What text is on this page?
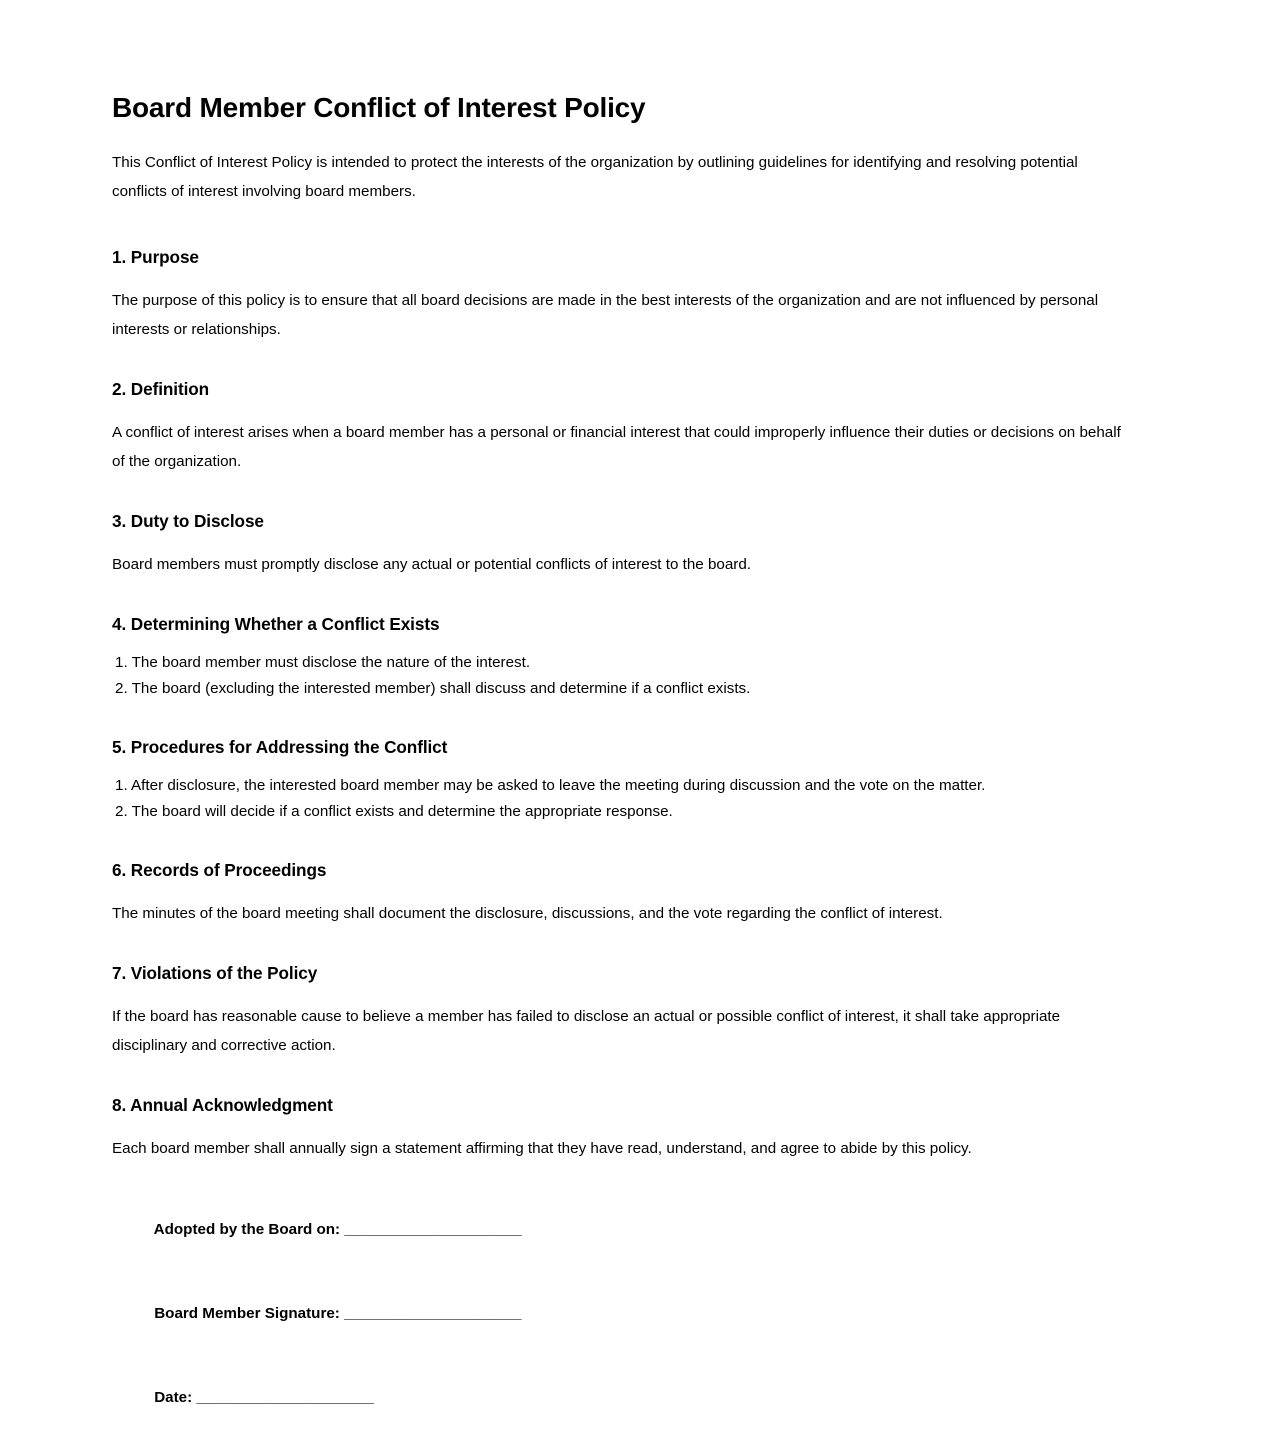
Board Member Conflict of Interest Policy

This Conflict of Interest Policy is intended to protect the interests of the organization by outlining guidelines for identifying and resolving potential conflicts of interest involving board members.

1. Purpose

The purpose of this policy is to ensure that all board decisions are made in the best interests of the organization and are not influenced by personal interests or relationships.

2. Definition

A conflict of interest arises when a board member has a personal or financial interest that could improperly influence their duties or decisions on behalf of the organization.

3. Duty to Disclose

Board members must promptly disclose any actual or potential conflicts of interest to the board.

4. Determining Whether a Conflict Exists
1. The board member must disclose the nature of the interest.
2. The board (excluding the interested member) shall discuss and determine if a conflict exists.
5. Procedures for Addressing the Conflict
1. After disclosure, the interested board member may be asked to leave the meeting during discussion and the vote on the matter.
2. The board will decide if a conflict exists and determine the appropriate response.
6. Records of Proceedings

The minutes of the board meeting shall document the disclosure, discussions, and the vote regarding the conflict of interest.

7. Violations of the Policy

If the board has reasonable cause to believe a member has failed to disclose an actual or possible conflict of interest, it shall take appropriate disciplinary and corrective action.

8. Annual Acknowledgment

Each board member shall annually sign a statement affirming that they have read, understand, and agree to abide by this policy.

Adopted by the Board on: _____________________

Board Member Signature: _____________________

Date: _____________________
